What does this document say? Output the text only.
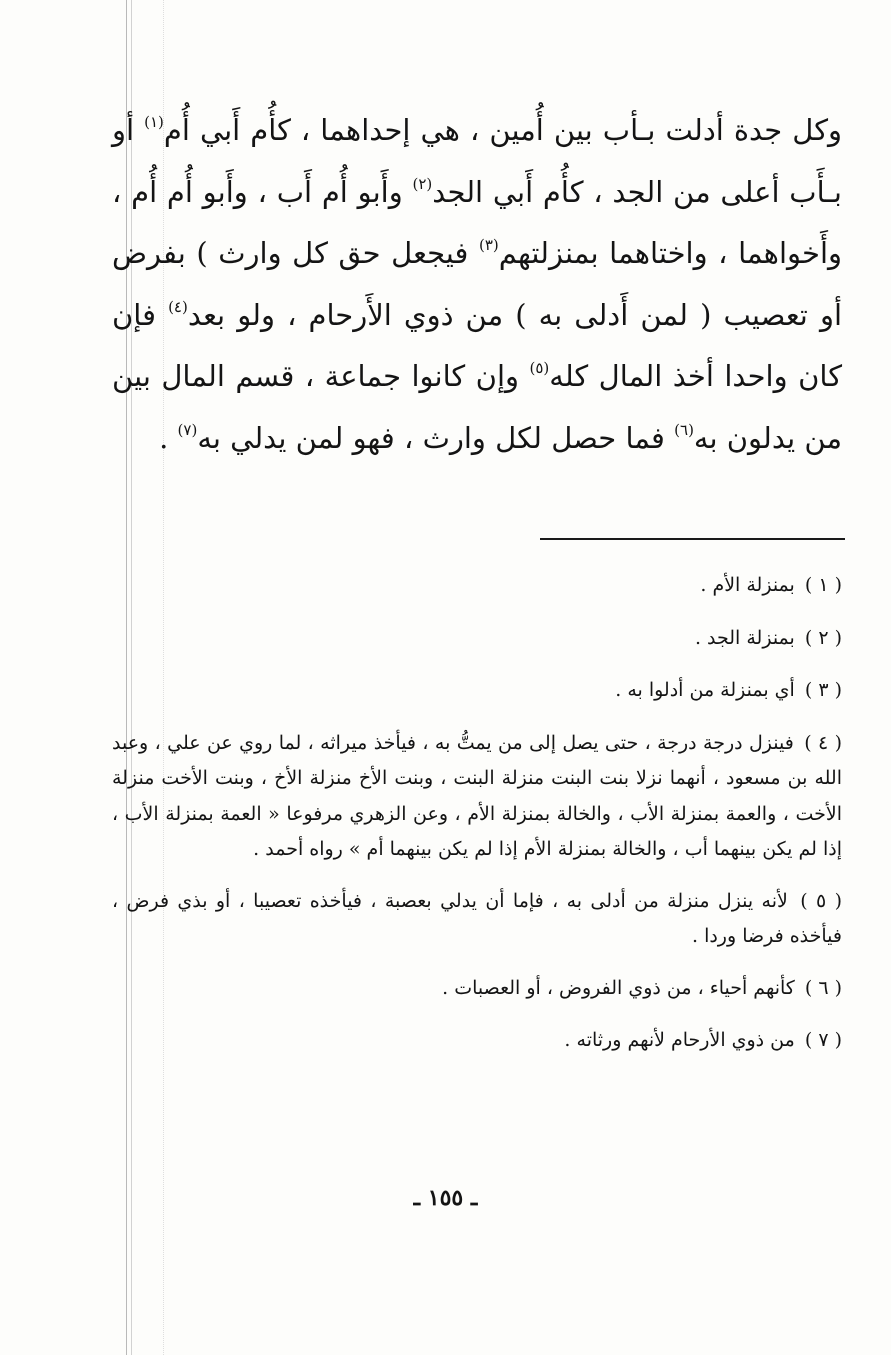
وكل جدة أدلت بـأب بين أُمين ، هي إحداهما ، كأُم أَبي أُم$^{(١)}$ أو بـأَب أعلى من الجد ، كأُم أَبي الجد$^{(٢)}$ وأَبو أُم أَب ، وأَبو أُم أُم ، وأَخواهما ، واختاهما بمنزلتهم$^{(٣)}$ فيجعل حق كل وارث ) بفرض أو تعصيب ( لمن أَدلى به ) من ذوي الأَرحام ، ولو بعد$^{(٤)}$ فإن كان واحدا أخذ المال كله$^{(٥)}$ وإن كانوا جماعة ، قسم المال بين من يدلون به$^{(٦)}$ فما حصل لكل وارث ، فهو لمن يدلي به$^{(٧)}$ .

( ١ ) بمنزلة الأم .
( ٢ ) بمنزلة الجد .
( ٣ ) أي بمنزلة من أدلوا به .
( ٤ ) فينزل درجة درجة ، حتى يصل إلى من يمتُّ به ، فيأخذ ميراثه ، لما روي عن علي ، وعبد الله بن مسعود ، أنهما نزلا بنت البنت منزلة البنت ، وبنت الأخ منزلة الأخ ، وبنت الأخت منزلة الأخت ، والعمة بمنزلة الأب ، والخالة بمنزلة الأم ، وعن الزهري مرفوعا « العمة بمنزلة الأب ، إذا لم يكن بينهما أب ، والخالة بمنزلة الأم إذا لم يكن بينهما أم » رواه أحمد .
( ٥ ) لأنه ينزل منزلة من أدلى به ، فإما أن يدلي بعصبة ، فيأخذه تعصيبا ، أو بذي فرض ، فيأخذه فرضا وردا .
( ٦ ) كأنهم أحياء ، من ذوي الفروض ، أو العصبات .
( ٧ ) من ذوي الأرحام لأنهم ورثاته .
ـ ١٥٥ ـ
